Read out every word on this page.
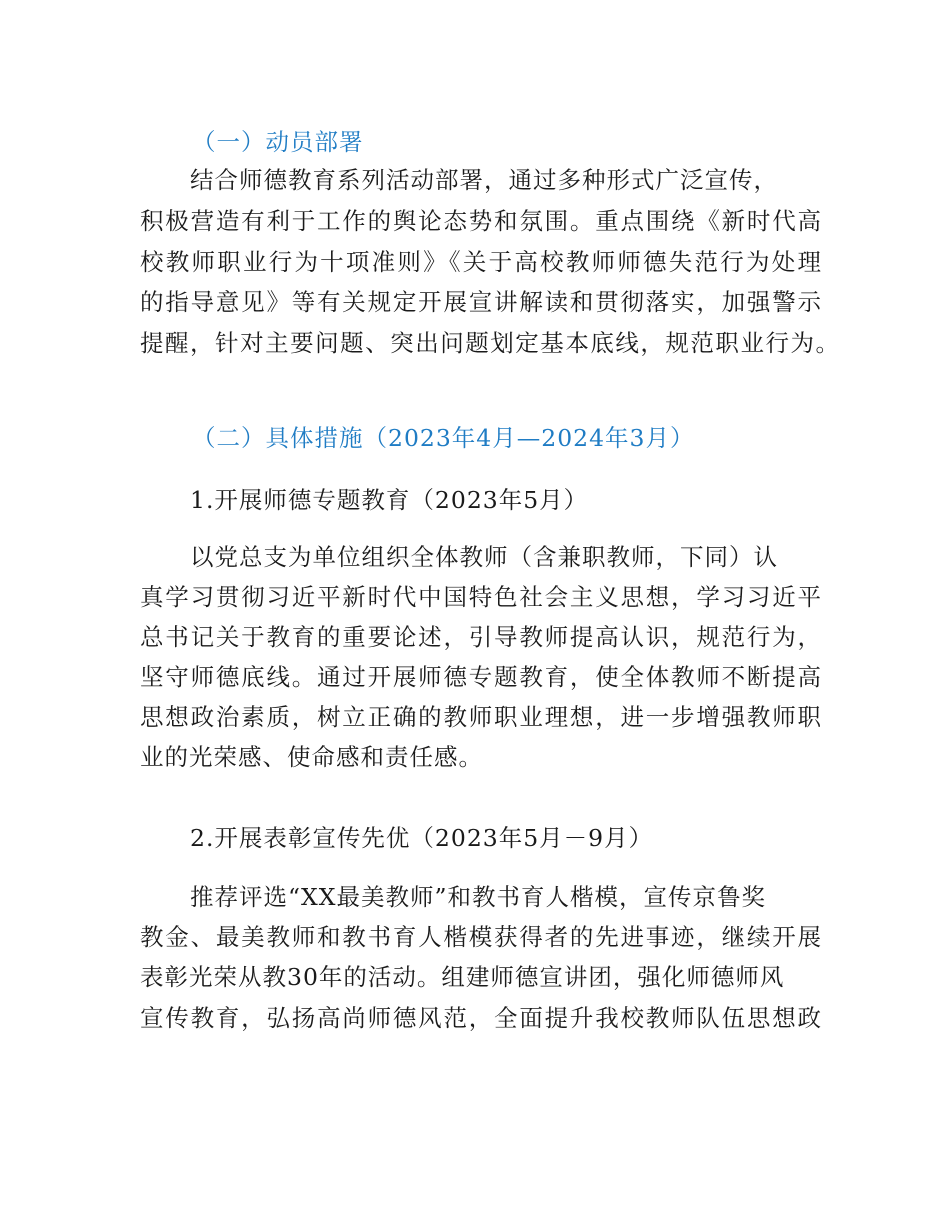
（一）动员部署
结合师德教育系列活动部署，通过多种形式广泛宣传，
积极营造有利于工作的舆论态势和氛围。重点围绕《新时代高
校教师职业行为十项准则》《关于高校教师师德失范行为处理
的指导意见》等有关规定开展宣讲解读和贯彻落实，加强警示
提醒，针对主要问题、突出问题划定基本底线，规范职业行为。
（二）具体措施（2023年4月—2024年3月）
1.开展师德专题教育（2023年5月）
以党总支为单位组织全体教师（含兼职教师，下同）认
真学习贯彻习近平新时代中国特色社会主义思想，学习习近平
总书记关于教育的重要论述，引导教师提高认识，规范行为，
坚守师德底线。通过开展师德专题教育，使全体教师不断提高
思想政治素质，树立正确的教师职业理想，进一步增强教师职
业的光荣感、使命感和责任感。
2.开展表彰宣传先优（2023年5月－9月）
推荐评选“XX最美教师”和教书育人楷模，宣传京鲁奖
教金、最美教师和教书育人楷模获得者的先进事迹，继续开展
表彰光荣从教30年的活动。组建师德宣讲团，强化师德师风
宣传教育，弘扬高尚师德风范，全面提升我校教师队伍思想政
